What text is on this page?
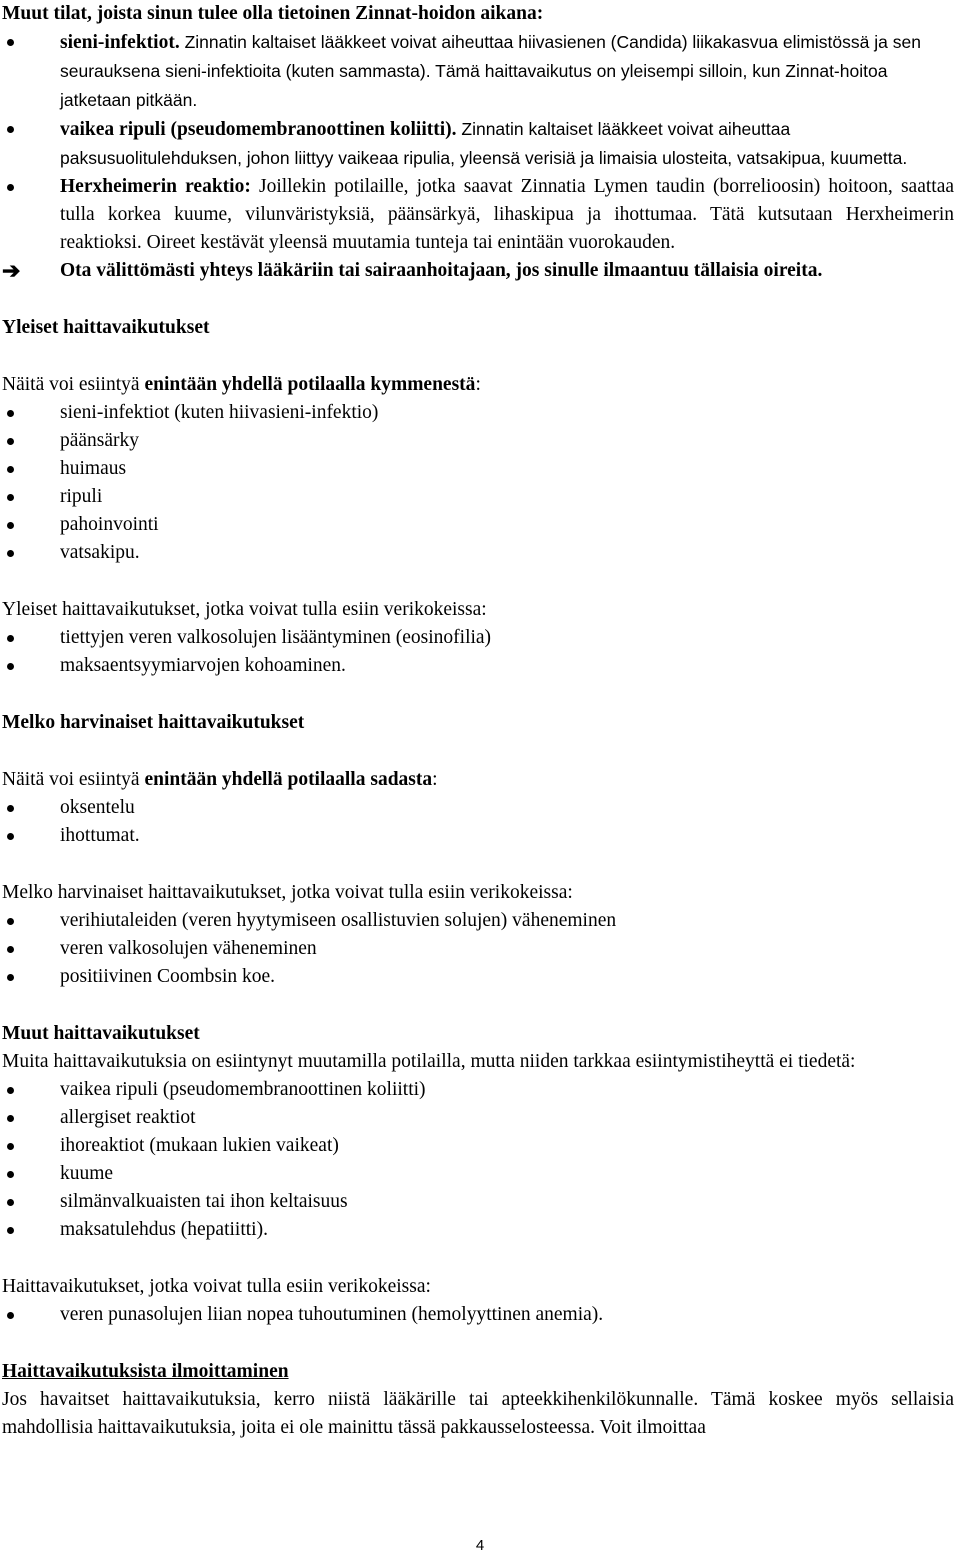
Muut tilat, joista sinun tulee olla tietoinen Zinnat-hoidon aikana:

sieni-infektiot. Zinnatin kaltaiset lääkkeet voivat aiheuttaa hiivasienen (Candida) liikakasvua elimistössä ja sen seurauksena sieni-infektioita (kuten sammasta). Tämä haittavaikutus on yleisempi silloin, kun Zinnat-hoitoa jatketaan pitkään.
vaikea ripuli (pseudomembranoottinen koliitti). Zinnatin kaltaiset lääkkeet voivat aiheuttaa paksusuolitulehduksen, johon liittyy vaikeaa ripulia, yleensä verisiä ja limaisia ulosteita, vatsakipua, kuumetta.
Herxheimerin reaktio: Joillekin potilaille, jotka saavat Zinnatia Lymen taudin (borrelioosin) hoitoon, saattaa tulla korkea kuume, vilunväristyksiä, päänsärkyä, lihaskipua ja ihottumaa. Tätä kutsutaan Herxheimerin reaktioksi. Oireet kestävät yleensä muutamia tunteja tai enintään vuorokauden.
➔ Ota välittömästi yhteys lääkäriin tai sairaanhoitajaan, jos sinulle ilmaantuu tällaisia oireita.

Yleiset haittavaikutukset

Näitä voi esiintyä enintään yhdellä potilaalla kymmenestä:

sieni-infektiot (kuten hiivasieni-infektio)
päänsärky
huimaus
ripuli
pahoinvointi
vatsakipu.

Yleiset haittavaikutukset, jotka voivat tulla esiin verikokeissa:

tiettyjen veren valkosolujen lisääntyminen (eosinofilia)
maksaentsyymiarvojen kohoaminen.

Melko harvinaiset haittavaikutukset

Näitä voi esiintyä enintään yhdellä potilaalla sadasta:

oksentelu
ihottumat.

Melko harvinaiset haittavaikutukset, jotka voivat tulla esiin verikokeissa:

verihiutaleiden (veren hyytymiseen osallistuvien solujen) väheneminen
veren valkosolujen väheneminen
positiivinen Coombsin koe.

Muut haittavaikutukset

Muita haittavaikutuksia on esiintynyt muutamilla potilailla, mutta niiden tarkkaa esiintymistiheyttä ei tiedetä:

vaikea ripuli (pseudomembranoottinen koliitti)
allergiset reaktiot
ihoreaktiot (mukaan lukien vaikeat)
kuume
silmänvalkuaisten tai ihon keltaisuus
maksatulehdus (hepatiitti).

Haittavaikutukset, jotka voivat tulla esiin verikokeissa:

veren punasolujen liian nopea tuhoutuminen (hemolyyttinen anemia).

Haittavaikutuksista ilmoittaminen

Jos havaitset haittavaikutuksia, kerro niistä lääkärille tai apteekkihenkilökunnalle. Tämä koskee myös sellaisia mahdollisia haittavaikutuksia, joita ei ole mainittu tässä pakkausselosteessa. Voit ilmoittaa

4
